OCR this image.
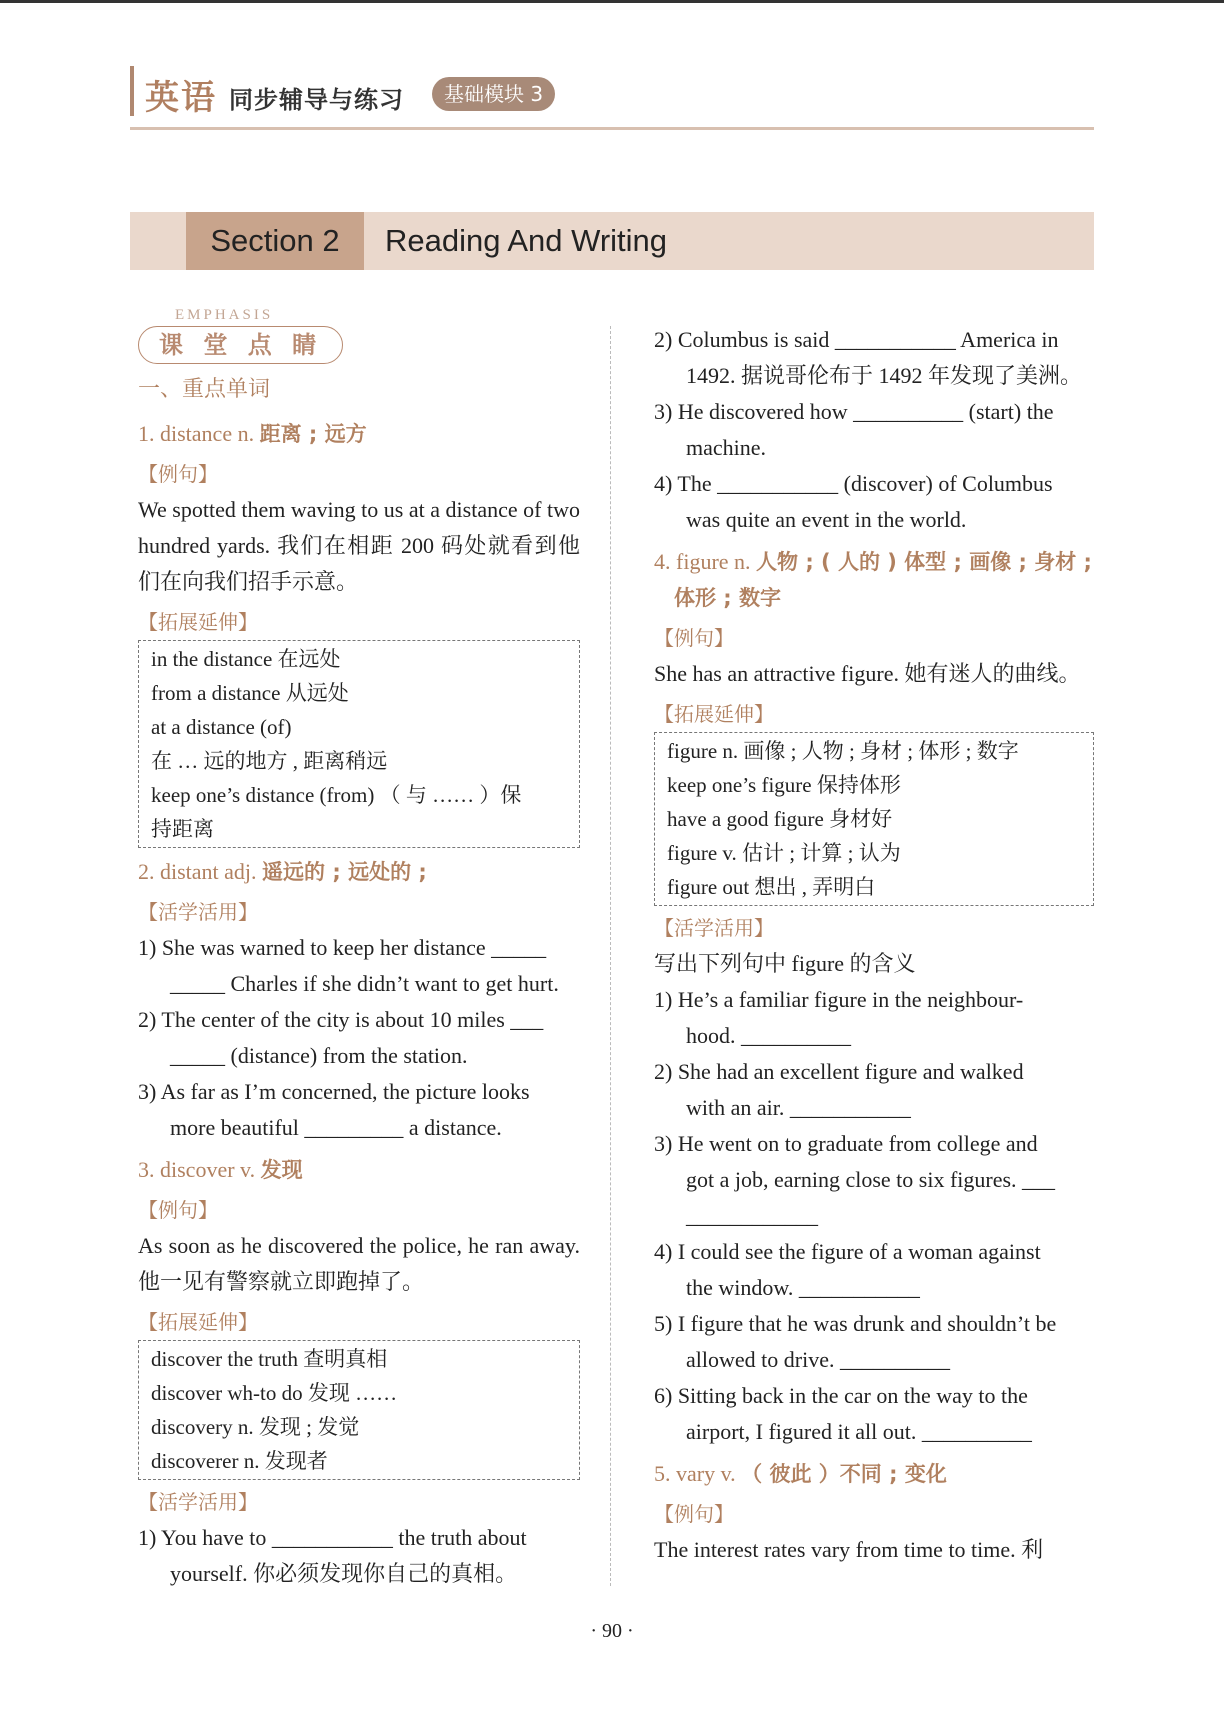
英语 同步辅导与练习	基础模块 3
Section 2	Reading And Writing
EMPHASIS
课 堂 点 睛
一、重点单词
1. distance n. 距离 ; 远方
【例句】
We spotted them waving to us at a distance of two hundred yards. 我们在相距 200 码处就看到他们在向我们招手示意。
【拓展延伸】
in the distance 在远处
from a distance 从远处
at a distance (of)
在 … 远的地方 , 距离稍远
keep one’s distance (from) （ 与 …… ）保
持距离
2. distant adj. 遥远的 ; 远处的 ;
【活学活用】
1) She was warned to keep her distance _____
_____ Charles if she didn’t want to get hurt.
2) The center of the city is about 10 miles ___
_____ (distance) from the station.
3) As far as I’m concerned, the picture looks
more beautiful _________ a distance.
3. discover v. 发现
【例句】
As soon as he discovered the police, he ran away. 他一见有警察就立即跑掉了。
【拓展延伸】
discover the truth 查明真相
discover wh-to do 发现 ……
discovery n. 发现 ; 发觉
discoverer n. 发现者
【活学活用】
1) You have to ___________ the truth about
yourself. 你必须发现你自己的真相。
2) Columbus is said ___________ America in
1492. 据说哥伦布于 1492 年发现了美洲。
3) He discovered how __________ (start) the
machine.
4) The ___________ (discover) of Columbus
was quite an event in the world.
4. figure n. 人物 ; ( 人的 ) 体型 ; 画像 ; 身材 ;
体形 ; 数字
【例句】
She has an attractive figure. 她有迷人的曲线。
【拓展延伸】
figure n. 画像 ; 人物 ; 身材 ; 体形 ; 数字
keep one’s figure 保持体形
have a good figure 身材好
figure v. 估计 ; 计算 ; 认为
figure out 想出 , 弄明白
【活学活用】
写出下列句中 figure 的含义
1) He’s a familiar figure in the neighbour-
hood. __________
2) She had an excellent figure and walked
with an air. ___________
3) He went on to graduate from college and
got a job, earning close to six figures. ___
____________
4) I could see the figure of a woman against
the window. ___________
5) I figure that he was drunk and shouldn’t be
allowed to drive. __________
6) Sitting back in the car on the way to the
airport, I figured it all out. __________
5. vary v. （ 彼此 ）不同 ; 变化
【例句】
The interest rates vary from time to time. 利
· 90 ·
